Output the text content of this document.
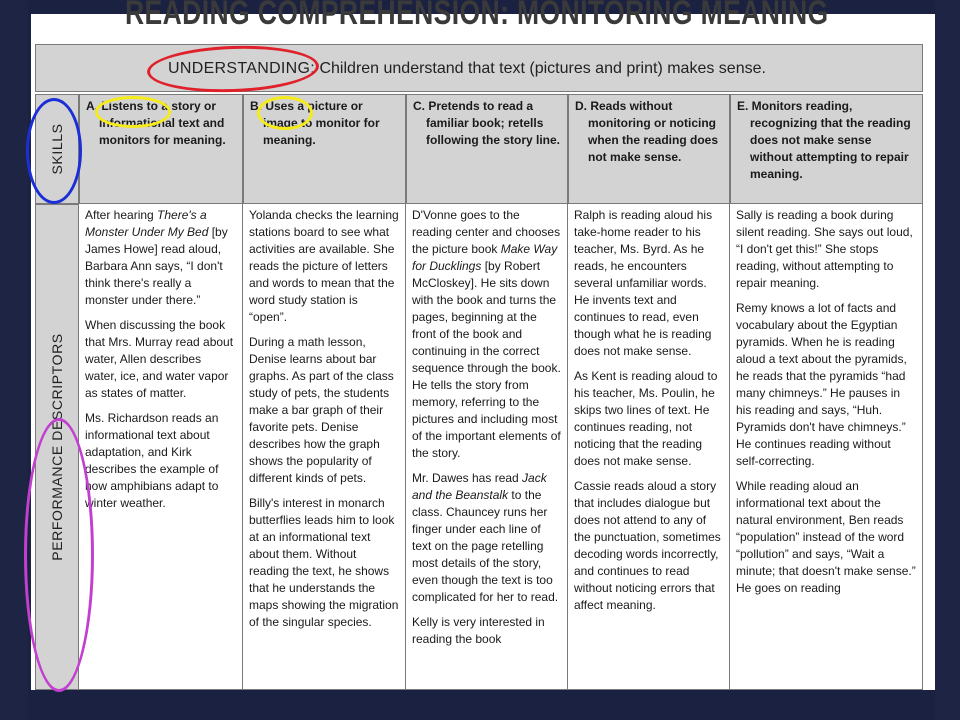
READING COMPREHENSION: MONITORING MEANING
UNDERSTANDING: Children understand that text (pictures and print) makes sense.
SKILLS
PERFORMANCE DESCRIPTORS
A. Listens to a story or informational text and monitors for meaning.
B. Uses a picture or image to monitor for meaning.
C. Pretends to read a familiar book; retells following the story line.
D. Reads without monitoring or noticing when the reading does not make sense.
E. Monitors reading, recognizing that the reading does not make sense without attempting to repair meaning.

After hearing There's a Monster Under My Bed [by James Howe] read aloud, Barbara Ann says, “I don't think there's really a monster under there.”

When discussing the book that Mrs. Murray read about water, Allen describes water, ice, and water vapor as states of matter.

Ms. Richardson reads an informational text about adaptation, and Kirk describes the example of how amphibians adapt to winter weather.

Yolanda checks the learning stations board to see what activities are available. She reads the picture of letters and words to mean that the word study station is “open”.

During a math lesson, Denise learns about bar graphs. As part of the class study of pets, the students make a bar graph of their favorite pets. Denise describes how the graph shows the popularity of different kinds of pets.

Billy's interest in monarch butterflies leads him to look at an informational text about them. Without reading the text, he shows that he understands the maps showing the migration of the singular species.

D'Vonne goes to the reading center and chooses the picture book Make Way for Ducklings [by Robert McCloskey]. He sits down with the book and turns the pages, beginning at the front of the book and continuing in the correct sequence through the book. He tells the story from memory, referring to the pictures and including most of the important elements of the story.

Mr. Dawes has read Jack and the Beanstalk to the class. Chauncey runs her finger under each line of text on the page retelling most details of the story, even though the text is too complicated for her to read.

Kelly is very interested in reading the book

Ralph is reading aloud his take-home reader to his teacher, Ms. Byrd. As he reads, he encounters several unfamiliar words. He invents text and continues to read, even though what he is reading does not make sense.

As Kent is reading aloud to his teacher, Ms. Poulin, he skips two lines of text. He continues reading, not noticing that the reading does not make sense.

Cassie reads aloud a story that includes dialogue but does not attend to any of the punctuation, sometimes decoding words incorrectly, and continues to read without noticing errors that affect meaning.

Sally is reading a book during silent reading. She says out loud, “I don't get this!” She stops reading, without attempting to repair meaning.

Remy knows a lot of facts and vocabulary about the Egyptian pyramids. When he is reading aloud a text about the pyramids, he reads that the pyramids “had many chimneys.” He pauses in his reading and says, “Huh. Pyramids don't have chimneys.” He continues reading without self-correcting.

While reading aloud an informational text about the natural environment, Ben reads “population” instead of the word “pollution” and says, “Wait a minute; that doesn't make sense.” He goes on reading
